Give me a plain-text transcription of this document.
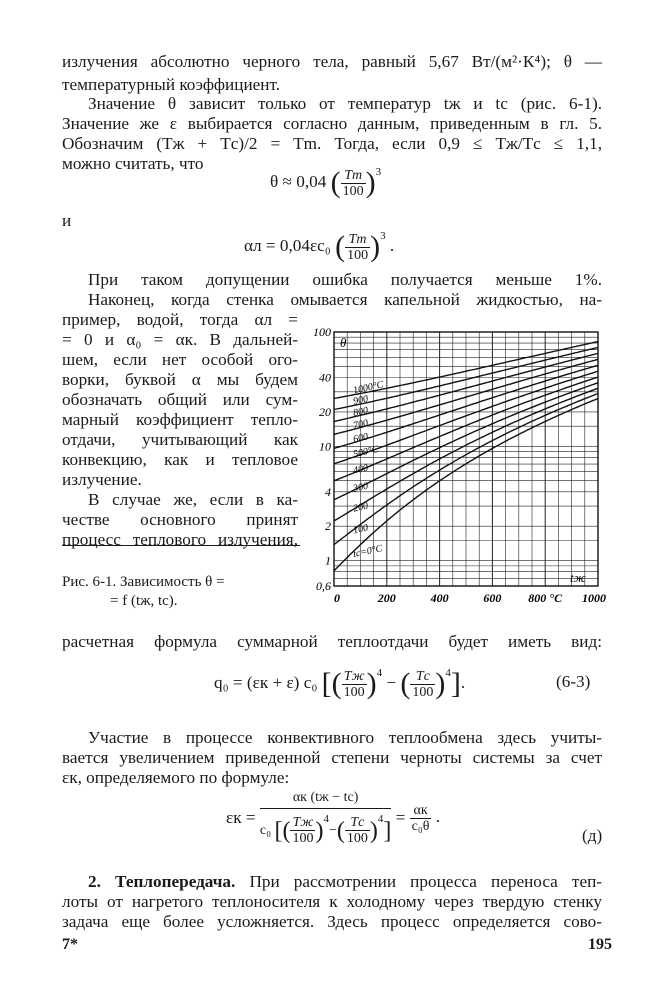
излучения абсолютно черного тела, равный 5,67 Вт/(м²·К⁴); θ —
температурный коэффициент.
Значение θ зависит только от температур tж и tс (рис. 6-1).
Значение же ε выбирается согласно данным, приведенным в гл. 5.
Обозначим (Tж + Tс)/2 = Tm. Тогда, если 0,9 ≤ Tж/Tс ≤ 1,1,
можно считать, что
θ ≈ 0,04 ( $\frac{Tm}{100} )^3$
и
αл = 0,04εc₀ ( $\frac{Tm}{100} )^3$ .
При таком допущении ошибка получается меньше 1%.
Наконец, когда стенка омывается капельной жидкостью, на-
пример, водой, тогда αл =
= 0 и α₀ = αк. В дальней-
шем, если нет особой ого-
ворки, буквой α мы будем
обозначать общий или сум-
марный коэффициент тепло-
отдачи, учитывающий как
конвекцию, как и тепловое
излучение.
В случае же, если в ка-
честве основного принят
процесс теплового излучения,
Рис. 6-1. Зависимость θ =
= f (tж, tс).
0,6
1
2
4
10
20
40
100
0	200	400	600 800 °С 1000
θ
tж
1000°С
900
800
700
600
500°С
400
300
200
100
tс=0°С
расчетная формула суммарной теплоотдачи будет иметь вид:
q₀ = (εк + ε) c₀ [( $\frac{Tж}{100} )^4$ − ( $\frac{Tс}{100} )^4$].	(6-3)
Участие в процессе конвективного теплообмена здесь учиты-
вается увеличением приведенной степени черноты системы за счет
εк, определяемого по формуле:
εк =
αк (tж − tс)
c₀ [( $\frac{Tж}{100} )^4-( \frac{Tс}{100} )^4$]
= $\frac{\alpha к}{\text{c₀θ}}$ .
(д)
2. Теплопередача. При рассмотрении процесса переноса теп-
лоты от нагретого теплоносителя к холодному через твердую стенку
задача еще более усложняется. Здесь процесс определяется сово-
7*	195
